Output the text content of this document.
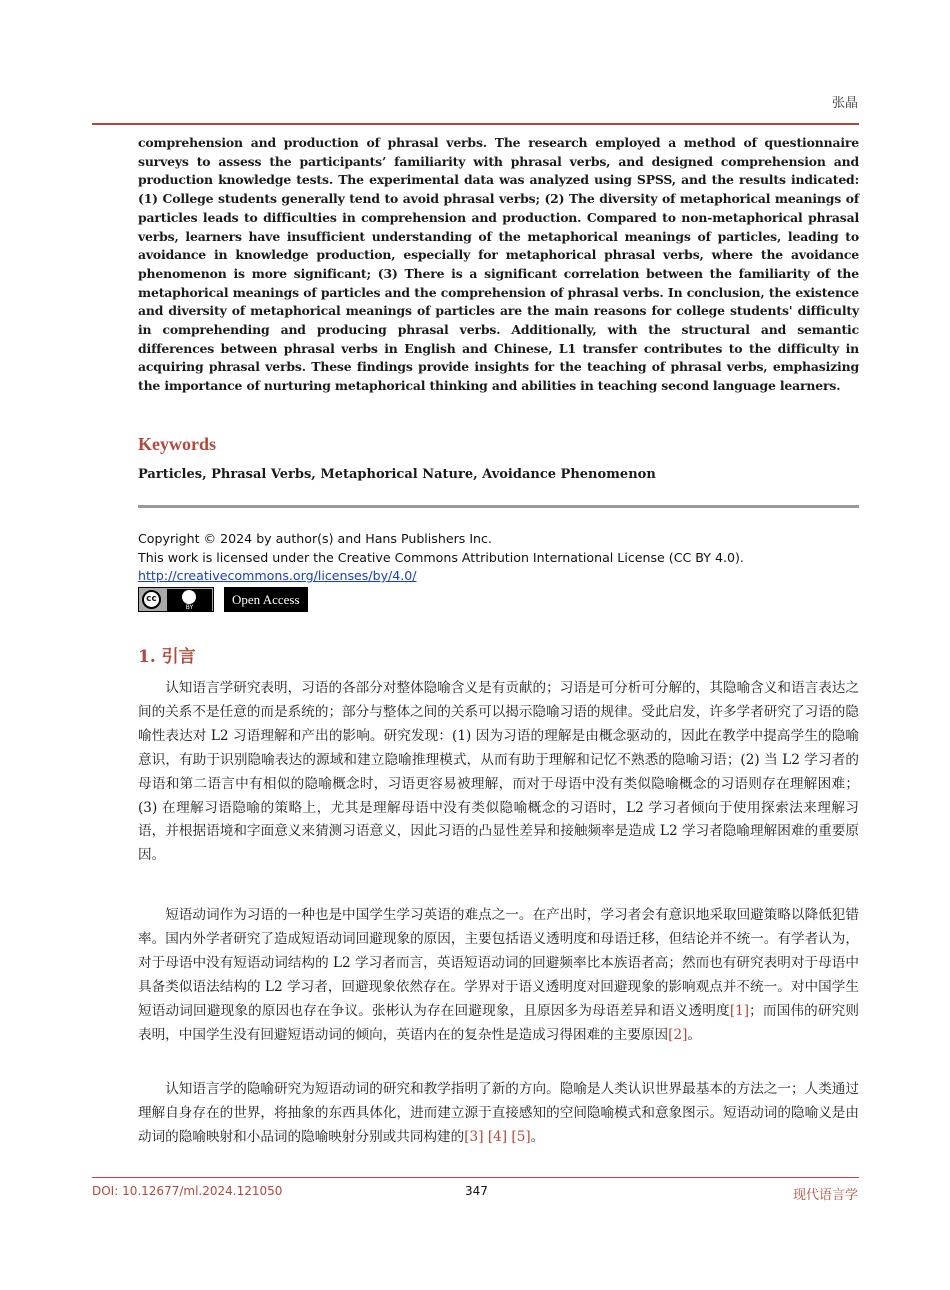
张晶
comprehension and production of phrasal verbs. The research employed a method of questionnaire surveys to assess the participants’ familiarity with phrasal verbs, and designed comprehension and production knowledge tests. The experimental data was analyzed using SPSS, and the results indicated: (1) College students generally tend to avoid phrasal verbs; (2) The diversity of metaphorical meanings of particles leads to difficulties in comprehension and production. Compared to non-metaphorical phrasal verbs, learners have insufficient understanding of the metaphorical meanings of particles, leading to avoidance in knowledge production, especially for metaphorical phrasal verbs, where the avoidance phenomenon is more significant; (3) There is a significant correlation between the familiarity of the metaphorical meanings of particles and the comprehension of phrasal verbs. In conclusion, the existence and diversity of metaphorical meanings of particles are the main reasons for college students' difficulty in comprehending and producing phrasal verbs. Additionally, with the structural and semantic differences between phrasal verbs in English and Chinese, L1 transfer contributes to the difficulty in acquiring phrasal verbs. These findings provide insights for the teaching of phrasal verbs, emphasizing the importance of nurturing metaphorical thinking and abilities in teaching second language learners.
Keywords
Particles, Phrasal Verbs, Metaphorical Nature, Avoidance Phenomenon
Copyright © 2024 by author(s) and Hans Publishers Inc.
This work is licensed under the Creative Commons Attribution International License (CC BY 4.0).
http://creativecommons.org/licenses/by/4.0/
cc
BY
Open Access
1. 引言

认知语言学研究表明，习语的各部分对整体隐喻含义是有贡献的；习语是可分析可分解的，其隐喻含义和语言表达之间的关系不是任意的而是系统的；部分与整体之间的关系可以揭示隐喻习语的规律。受此启发，许多学者研究了习语的隐喻性表达对 L2 习语理解和产出的影响。研究发现：(1) 因为习语的理解是由概念驱动的，因此在教学中提高学生的隐喻意识，有助于识别隐喻表达的源域和建立隐喻推理模式，从而有助于理解和记忆不熟悉的隐喻习语；(2) 当 L2 学习者的母语和第二语言中有相似的隐喻概念时，习语更容易被理解，而对于母语中没有类似隐喻概念的习语则存在理解困难；(3) 在理解习语隐喻的策略上，尤其是理解母语中没有类似隐喻概念的习语时，L2 学习者倾向于使用探索法来理解习语，并根据语境和字面意义来猜测习语意义，因此习语的凸显性差异和接触频率是造成 L2 学习者隐喻理解困难的重要原因。

短语动词作为习语的一种也是中国学生学习英语的难点之一。在产出时，学习者会有意识地采取回避策略以降低犯错率。国内外学者研究了造成短语动词回避现象的原因，主要包括语义透明度和母语迁移，但结论并不统一。有学者认为，对于母语中没有短语动词结构的 L2 学习者而言，英语短语动词的回避频率比本族语者高；然而也有研究表明对于母语中具备类似语法结构的 L2 学习者，回避现象依然存在。学界对于语义透明度对回避现象的影响观点并不统一。对中国学生短语动词回避现象的原因也存在争议。张彬认为存在回避现象，且原因多为母语差异和语义透明度[1]；而国伟的研究则表明，中国学生没有回避短语动词的倾向，英语内在的复杂性是造成习得困难的主要原因[2]。

认知语言学的隐喻研究为短语动词的研究和教学指明了新的方向。隐喻是人类认识世界最基本的方法之一；人类通过理解自身存在的世界，将抽象的东西具体化，进而建立源于直接感知的空间隐喻模式和意象图示。短语动词的隐喻义是由动词的隐喻映射和小品词的隐喻映射分别或共同构建的[3] [4] [5]。

DOI: 10.12677/ml.2024.121050	347	现代语言学
